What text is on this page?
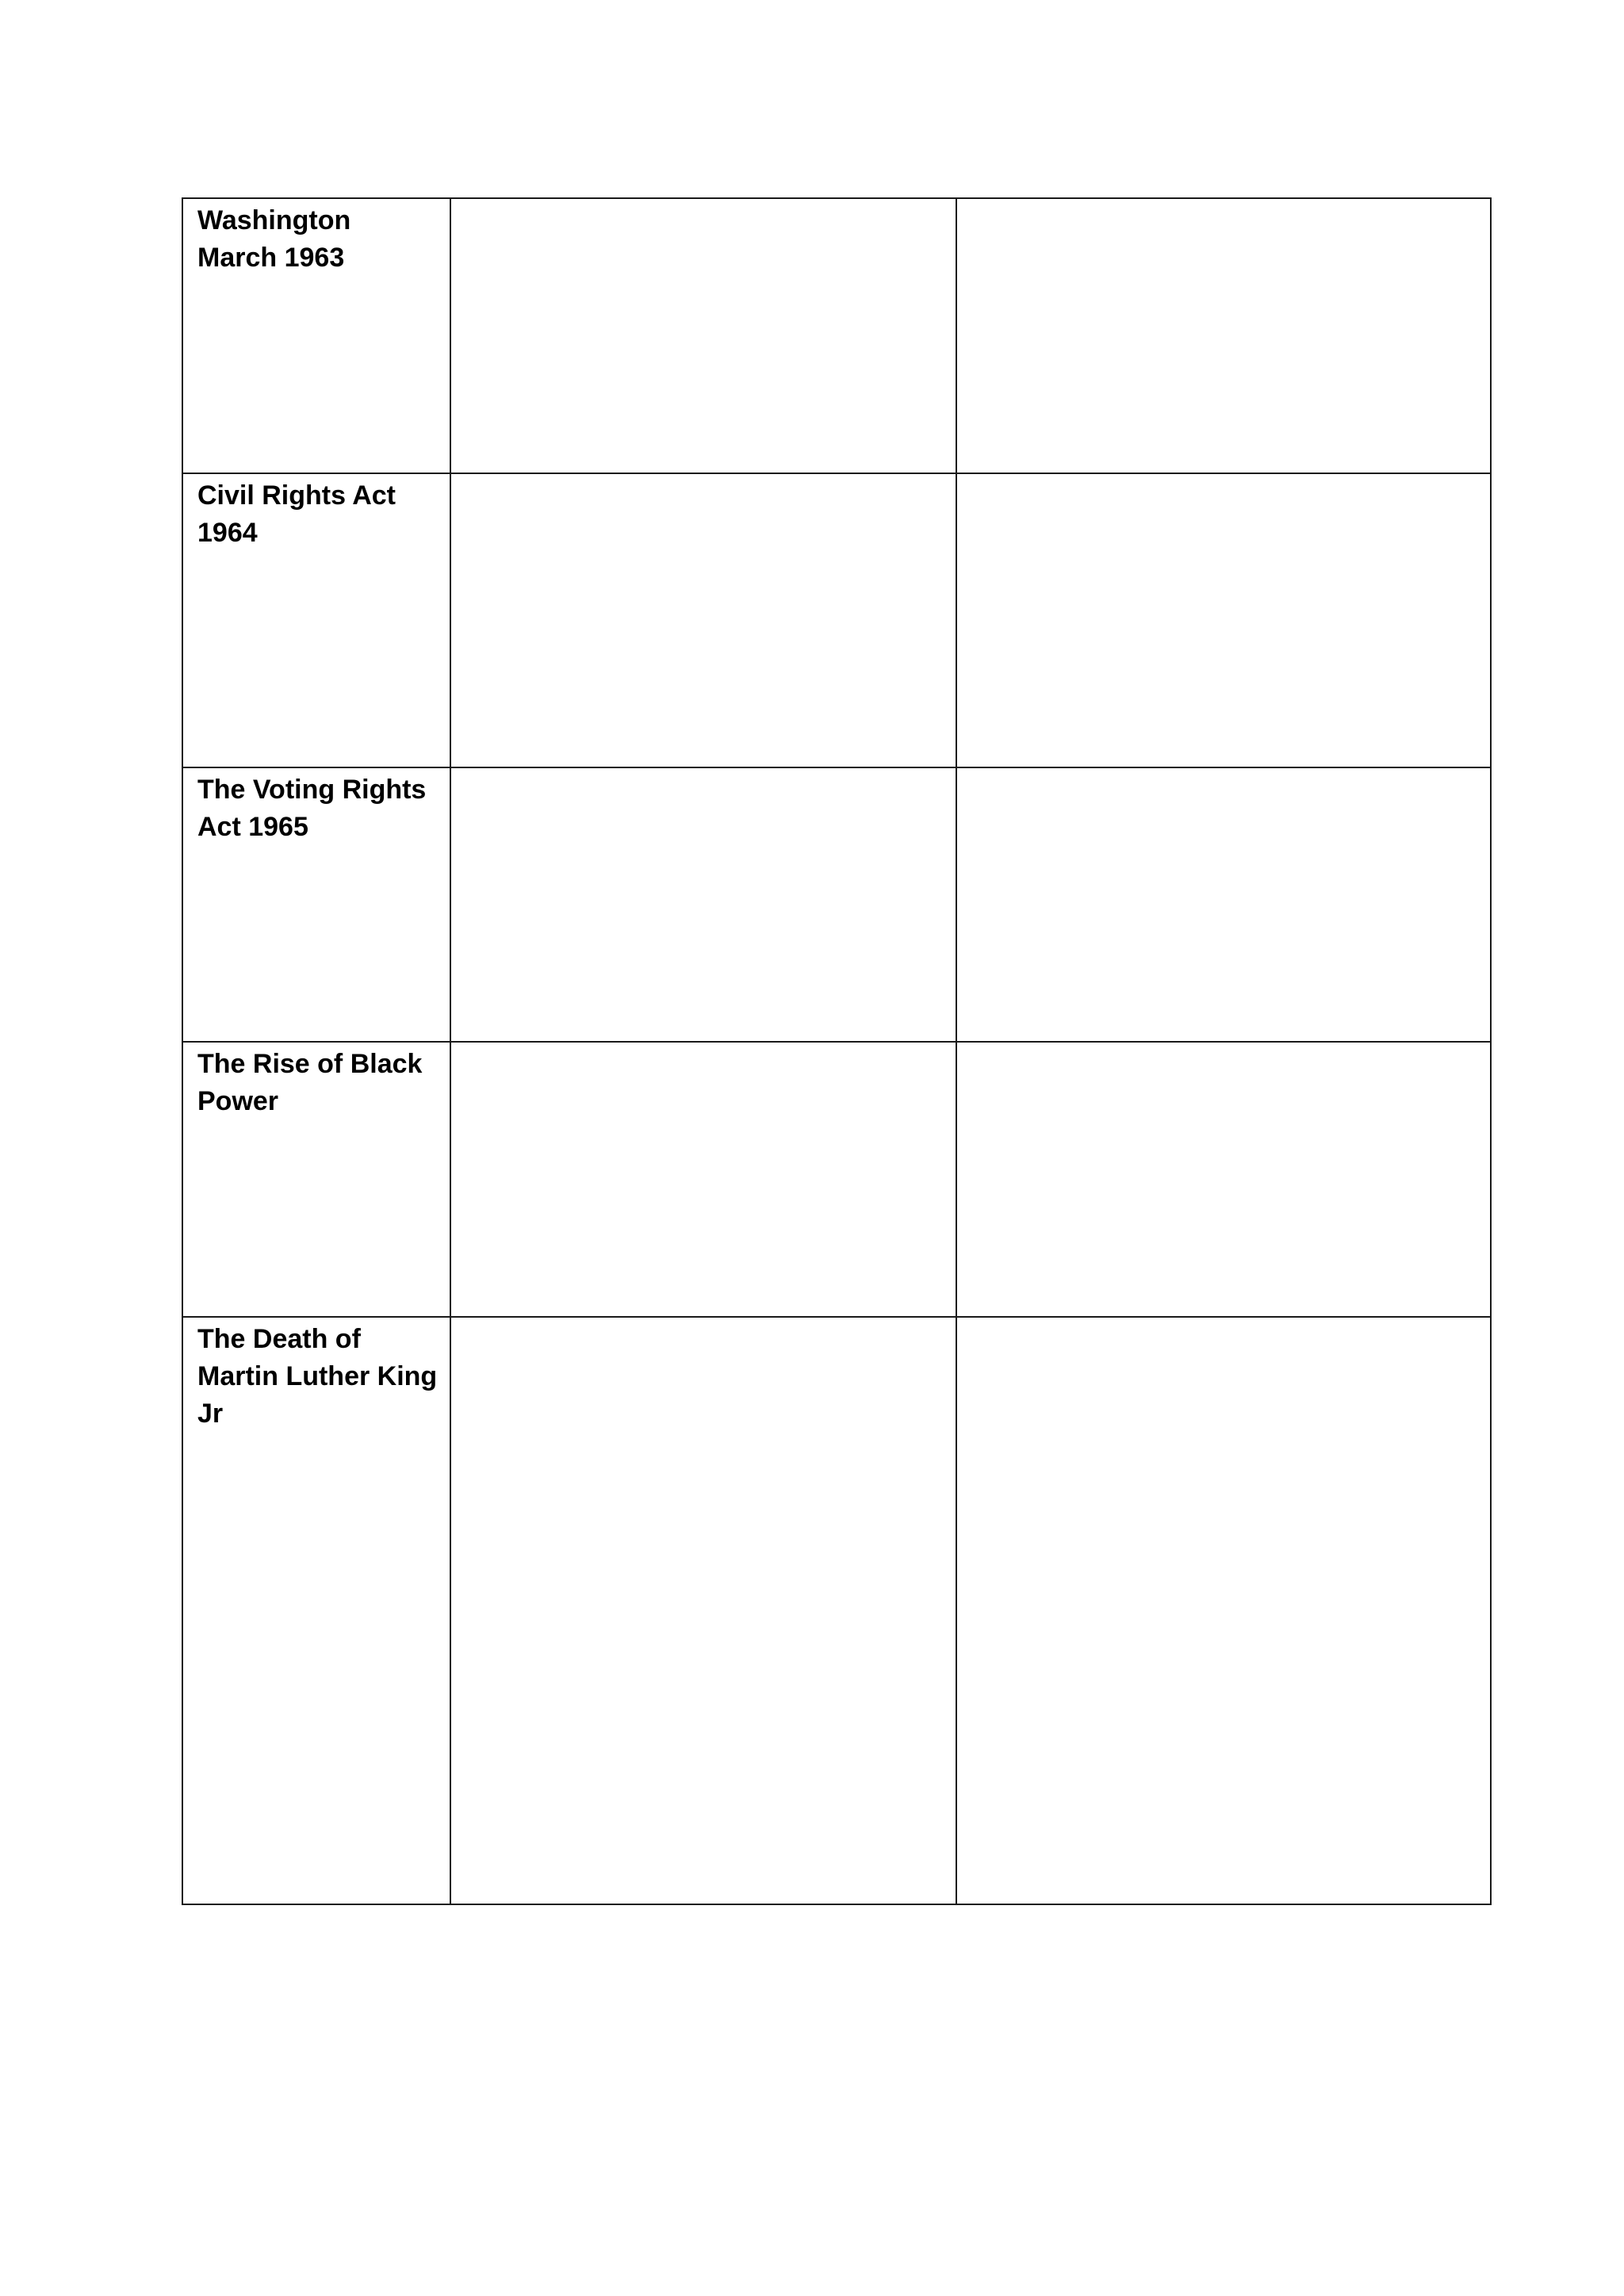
Washington
March 1963		

Civil Rights Act
1964		

The Voting Rights
Act 1965		

The Rise of Black
Power		

The Death of
Martin Luther King
Jr		
